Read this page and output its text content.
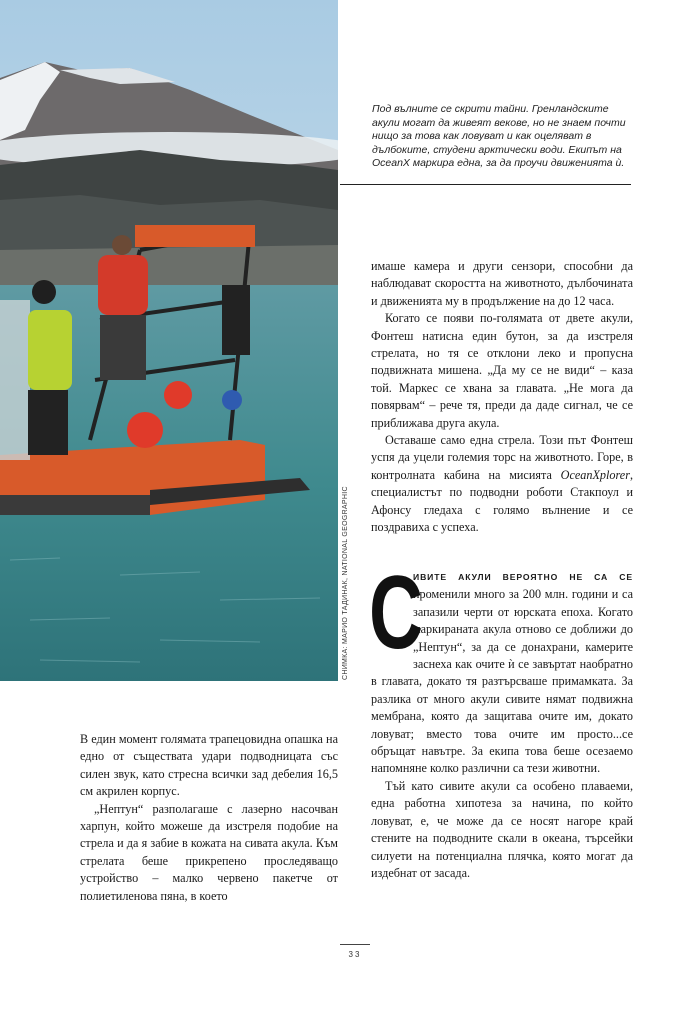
СНИМКА: МАРИО ТАДИНАК, NATIONAL GEOGRAPHIC

Под вълните се скрити тайни. Гренландските акули могат да живеят векове, но не знаем почти нищо за това как ловуват и как оцеляват в дълбоките, студени арктически води. Екипът на OceanX маркира една, за да проучи движенията ѝ.

имаше камера и други сензори, способни да наблюдават скоростта на животното, дълбочината и движенията му в продължение на до 12 часа.

Когато се появи по-голямата от двете акули, Фонтеш натисна един бутон, за да изстреля стрелата, но тя се отклони леко и пропусна подвижната мишена. „Да му се не види“ – каза той. Маркес се хвана за главата. „Не мога да повярвам“ – рече тя, преди да даде сигнал, че се приближава друга акула.

Оставаше само една стрела. Този път Фонтеш успя да уцели големия торс на животното. Горе, в контролната кабина на мисията OceanXplorer, специалистът по подводни роботи Стакпоул и Афонсу гледаха с голямо вълнение и се поздравиха с успеха.

С
ИВИТЕ АКУЛИ ВЕРОЯТНО НЕ СА СЕ променили много за 200 млн. години и са запазили черти от юрската епоха. Когато маркираната акула отново се доближи до „Нептун“, за да се донахрани, камерите заснеха как очите ѝ се завъртат наобратно в главата, докато тя разтърсваше примамката. За разлика от много акули сивите нямат подвижна мембрана, която да защитава очите им, докато ловуват; вместо това очите им просто...се обръщат навътре. За екипа това беше осезаемо напомняне колко различни са тези животни.

Тъй като сивите акули са особено плаваеми, една работна хипотеза за начина, по който ловуват, е, че може да се носят нагоре край стените на подводните скали в океана, търсейки силуети на потенциална плячка, която могат да издебнат от засада.

В един момент голямата трапецовидна опашка на едно от съществата удари подводницата със силен звук, като стресна всички зад дебелия 16,5 см акрилен корпус.

„Нептун“ разполагаше с лазерно насочван харпун, който можеше да изстреля подобие на стрела и да я забие в кожата на сивата акула. Към стрелата беше прикрепено проследяващо устройство – малко червено пакетче от полиетиленова пяна, в което

33
